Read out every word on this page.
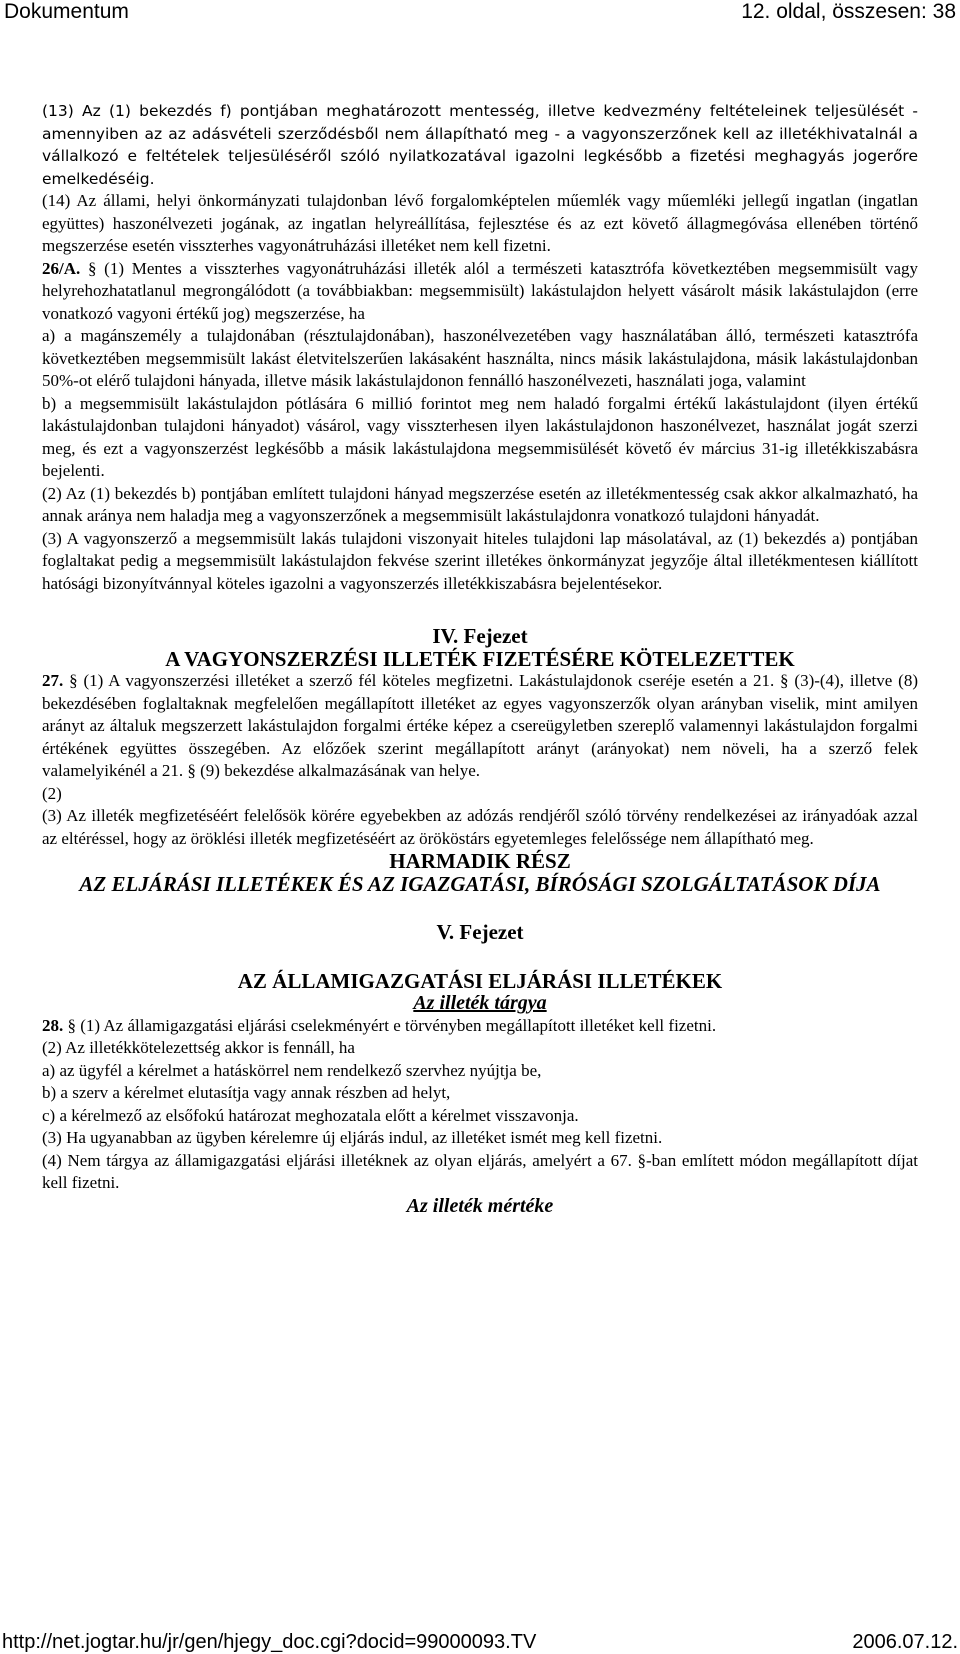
Dokumentum	12. oldal, összesen: 38

(13) Az (1) bekezdés f) pontjában meghatározott mentesség, illetve kedvezmény feltételeinek teljesülését - amennyiben az az adásvételi szerződésből nem állapítható meg - a vagyonszerzőnek kell az illetékhivatalnál a vállalkozó e feltételek teljesüléséről szóló nyilatkozatával igazolni legkésőbb a fizetési meghagyás jogerőre emelkedéséig.

(14) Az állami, helyi önkormányzati tulajdonban lévő forgalomképtelen műemlék vagy műemléki jellegű ingatlan (ingatlan együttes) haszonélvezeti jogának, az ingatlan helyreállítása, fejlesztése és az ezt követő állagmegóvása ellenében történő megszerzése esetén visszterhes vagyonátruházási illetéket nem kell fizetni.

26/A. § (1) Mentes a visszterhes vagyonátruházási illeték alól a természeti katasztrófa következtében megsemmisült vagy helyrehozhatatlanul megrongálódott (a továbbiakban: megsemmisült) lakástulajdon helyett vásárolt másik lakástulajdon (erre vonatkozó vagyoni értékű jog) megszerzése, ha

a) a magánszemély a tulajdonában (résztulajdonában), haszonélvezetében vagy használatában álló, természeti katasztrófa következtében megsemmisült lakást életvitelszerűen lakásaként használta, nincs másik lakástulajdona, másik lakástulajdonban 50%-ot elérő tulajdoni hányada, illetve másik lakástulajdonon fennálló haszonélvezeti, használati joga, valamint

b) a megsemmisült lakástulajdon pótlására 6 millió forintot meg nem haladó forgalmi értékű lakástulajdont (ilyen értékű lakástulajdonban tulajdoni hányadot) vásárol, vagy visszterhesen ilyen lakástulajdonon haszonélvezet, használat jogát szerzi meg, és ezt a vagyonszerzést legkésőbb a másik lakástulajdona megsemmisülését követő év március 31-ig illetékkiszabásra bejelenti.

(2) Az (1) bekezdés b) pontjában említett tulajdoni hányad megszerzése esetén az illetékmentesség csak akkor alkalmazható, ha annak aránya nem haladja meg a vagyonszerzőnek a megsemmisült lakástulajdonra vonatkozó tulajdoni hányadát.

(3) A vagyonszerző a megsemmisült lakás tulajdoni viszonyait hiteles tulajdoni lap másolatával, az (1) bekezdés a) pontjában foglaltakat pedig a megsemmisült lakástulajdon fekvése szerint illetékes önkormányzat jegyzője által illetékmentesen kiállított hatósági bizonyítvánnyal köteles igazolni a vagyonszerzés illetékkiszabásra bejelentésekor.

IV. Fejezet

A VAGYONSZERZÉSI ILLETÉK FIZETÉSÉRE KÖTELEZETTEK

27. § (1) A vagyonszerzési illetéket a szerző fél köteles megfizetni. Lakástulajdonok cseréje esetén a 21. § (3)-(4), illetve (8) bekezdésében foglaltaknak megfelelően megállapított illetéket az egyes vagyonszerzők olyan arányban viselik, mint amilyen arányt az általuk megszerzett lakástulajdon forgalmi értéke képez a csereügyletben szereplő valamennyi lakástulajdon forgalmi értékének együttes összegében. Az előzőek szerint megállapított arányt (arányokat) nem növeli, ha a szerző felek valamelyikénél a 21. § (9) bekezdése alkalmazásának van helye.

(2)

(3) Az illeték megfizetéséért felelősök körére egyebekben az adózás rendjéről szóló törvény rendelkezései az irányadóak azzal az eltéréssel, hogy az öröklési illeték megfizetéséért az örököstárs egyetemleges felelőssége nem állapítható meg.

HARMADIK RÉSZ

AZ ELJÁRÁSI ILLETÉKEK ÉS AZ IGAZGATÁSI, BÍRÓSÁGI SZOLGÁLTATÁSOK DÍJA

V. Fejezet

AZ ÁLLAMIGAZGATÁSI ELJÁRÁSI ILLETÉKEK

Az illeték tárgya

28. § (1) Az államigazgatási eljárási cselekményért e törvényben megállapított illetéket kell fizetni.

(2) Az illetékkötelezettség akkor is fennáll, ha

a) az ügyfél a kérelmet a hatáskörrel nem rendelkező szervhez nyújtja be,

b) a szerv a kérelmet elutasítja vagy annak részben ad helyt,

c) a kérelmező az elsőfokú határozat meghozatala előtt a kérelmet visszavonja.

(3) Ha ugyanabban az ügyben kérelemre új eljárás indul, az illetéket ismét meg kell fizetni.

(4) Nem tárgya az államigazgatási eljárási illetéknek az olyan eljárás, amelyért a 67. §-ban említett módon megállapított díjat kell fizetni.

Az illeték mértéke

http://net.jogtar.hu/jr/gen/hjegy_doc.cgi?docid=99000093.TV	2006.07.12.
